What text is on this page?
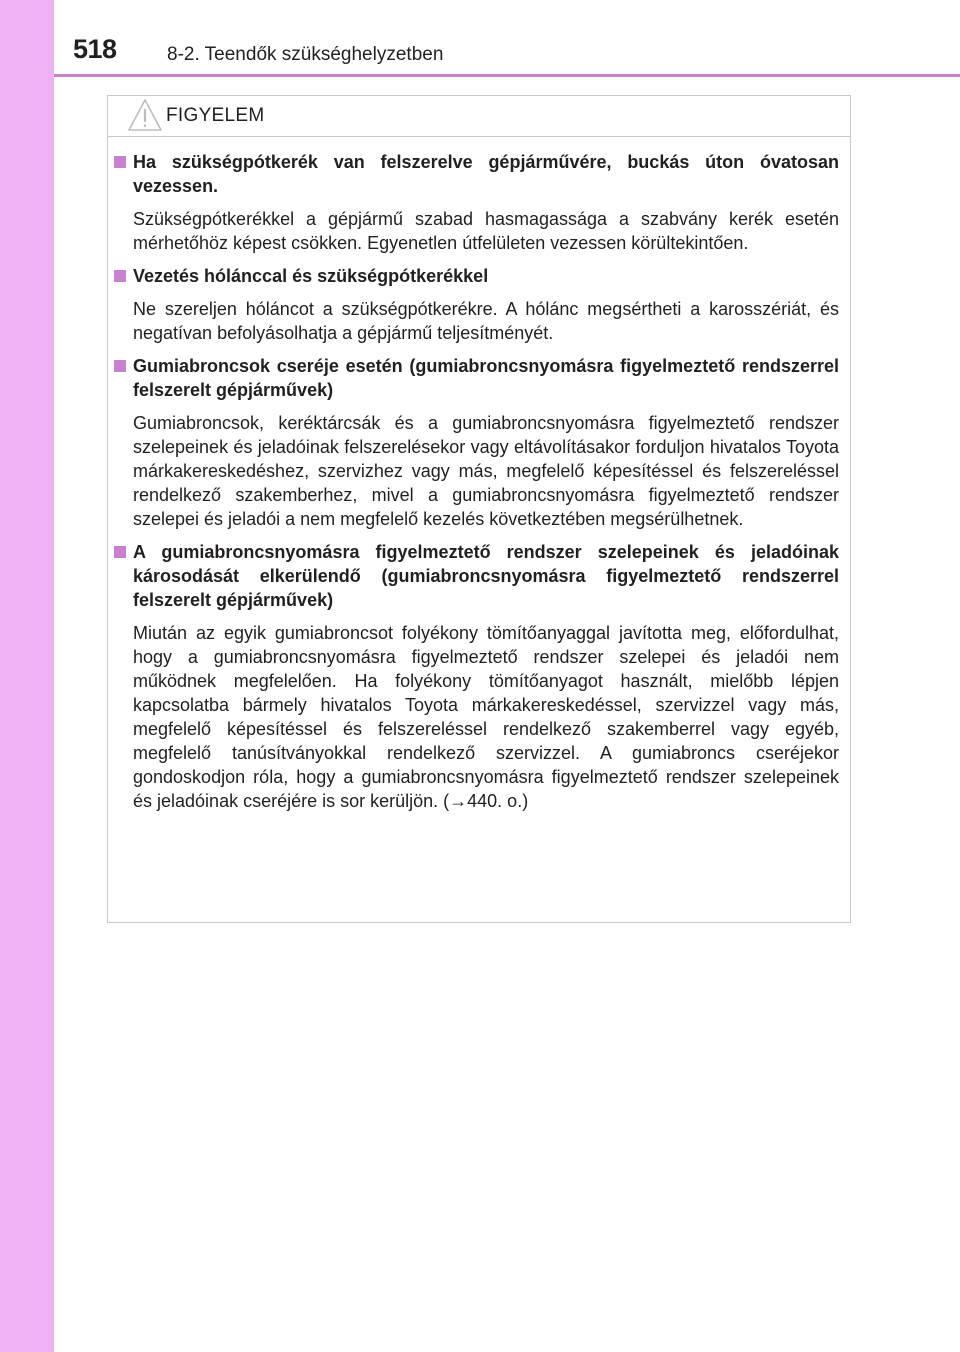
518	8-2. Teendők szükséghelyzetben
FIGYELEM
Ha szükségpótkerék van felszerelve gépjárművére, buckás úton óvatosan vezessen.
Szükségpótkerékkel a gépjármű szabad hasmagassága a szabvány kerék esetén mérhetőhöz képest csökken. Egyenetlen útfelületen vezessen körültekintően.
Vezetés hólánccal és szükségpótkerékkel
Ne szereljen hóláncot a szükségpótkerékre. A hólánc megsértheti a karosszériát, és negatívan befolyásolhatja a gépjármű teljesítményét.
Gumiabroncsok cseréje esetén (gumiabroncsnyomásra figyelmeztető rendszerrel felszerelt gépjárművek)
Gumiabroncsok, keréktárcsák és a gumiabroncsnyomásra figyelmeztető rendszer szelepeinek és jeladóinak felszerelésekor vagy eltávolításakor forduljon hivatalos Toyota márkakereskedéshez, szervizhez vagy más, megfelelő képesítéssel és felszereléssel rendelkező szakemberhez, mivel a gumiabroncsnyomásra figyelmeztető rendszer szelepei és jeladói a nem megfelelő kezelés következtében megsérülhetnek.
A gumiabroncsnyomásra figyelmeztető rendszer szelepeinek és jeladóinak károsodását elkerülendő (gumiabroncsnyomásra figyelmeztető rendszerrel felszerelt gépjárművek)
Miután az egyik gumiabroncsot folyékony tömítőanyaggal javította meg, előfordulhat, hogy a gumiabroncsnyomásra figyelmeztető rendszer szelepei és jeladói nem működnek megfelelően. Ha folyékony tömítőanyagot használt, mielőbb lépjen kapcsolatba bármely hivatalos Toyota márkakereskedéssel, szervizzel vagy más, megfelelő képesítéssel és felszereléssel rendelkező szakemberrel vagy egyéb, megfelelő tanúsítványokkal rendelkező szervizzel. A gumiabroncs cseréjekor gondoskodjon róla, hogy a gumiabroncsnyomásra figyelmeztető rendszer szelepeinek és jeladóinak cseréjére is sor kerüljön. (→440. o.)
